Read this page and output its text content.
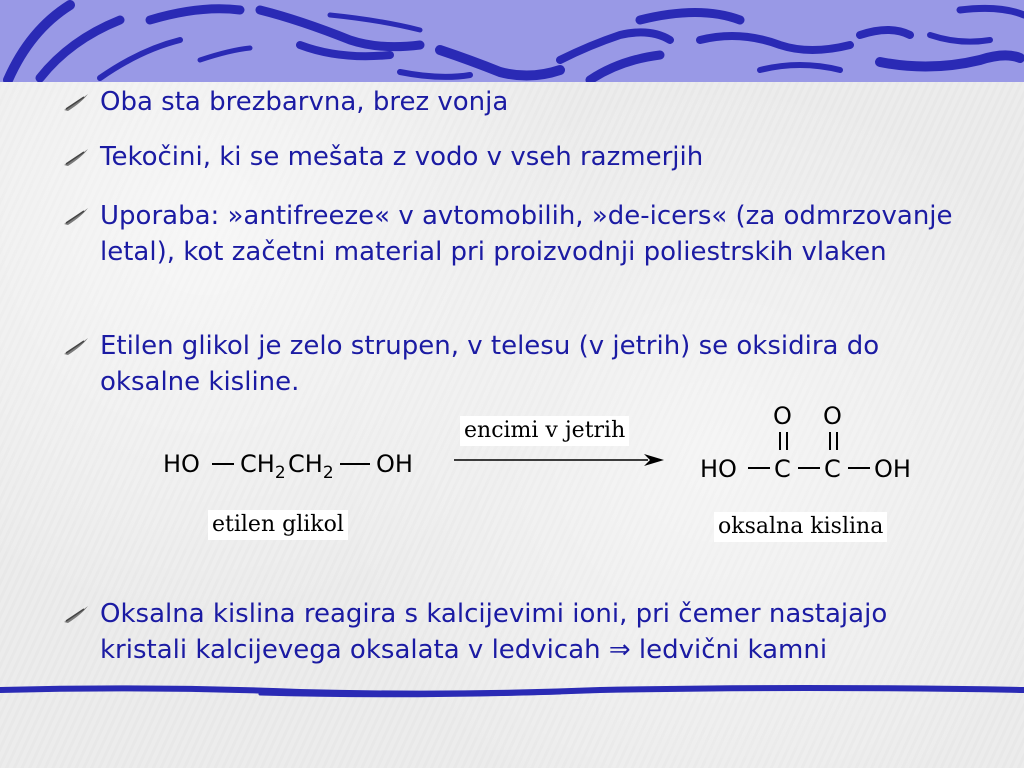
Oba sta brezbarvna, brez vonja
Tekočini, ki se mešata z vodo v vseh razmerjih
Uporaba: »antifreeze« v avtomobilih, »de-icers« (za odmrzovanje letal), kot začetni material pri proizvodnji poliestrskih vlaken
Etilen glikol je zelo strupen, v telesu (v jetrih) se oksidira do oksalne kisline.
Oksalna kislina reagira s kalcijevimi ioni, pri čemer nastajajo kristali kalcijevega oksalata v ledvicah ⇒ ledvični kamni
HO $CH_2$ $CH_2$ OH
etilen glikol
encimi v jetrih
O O
HO C C OH
oksalna kislina
